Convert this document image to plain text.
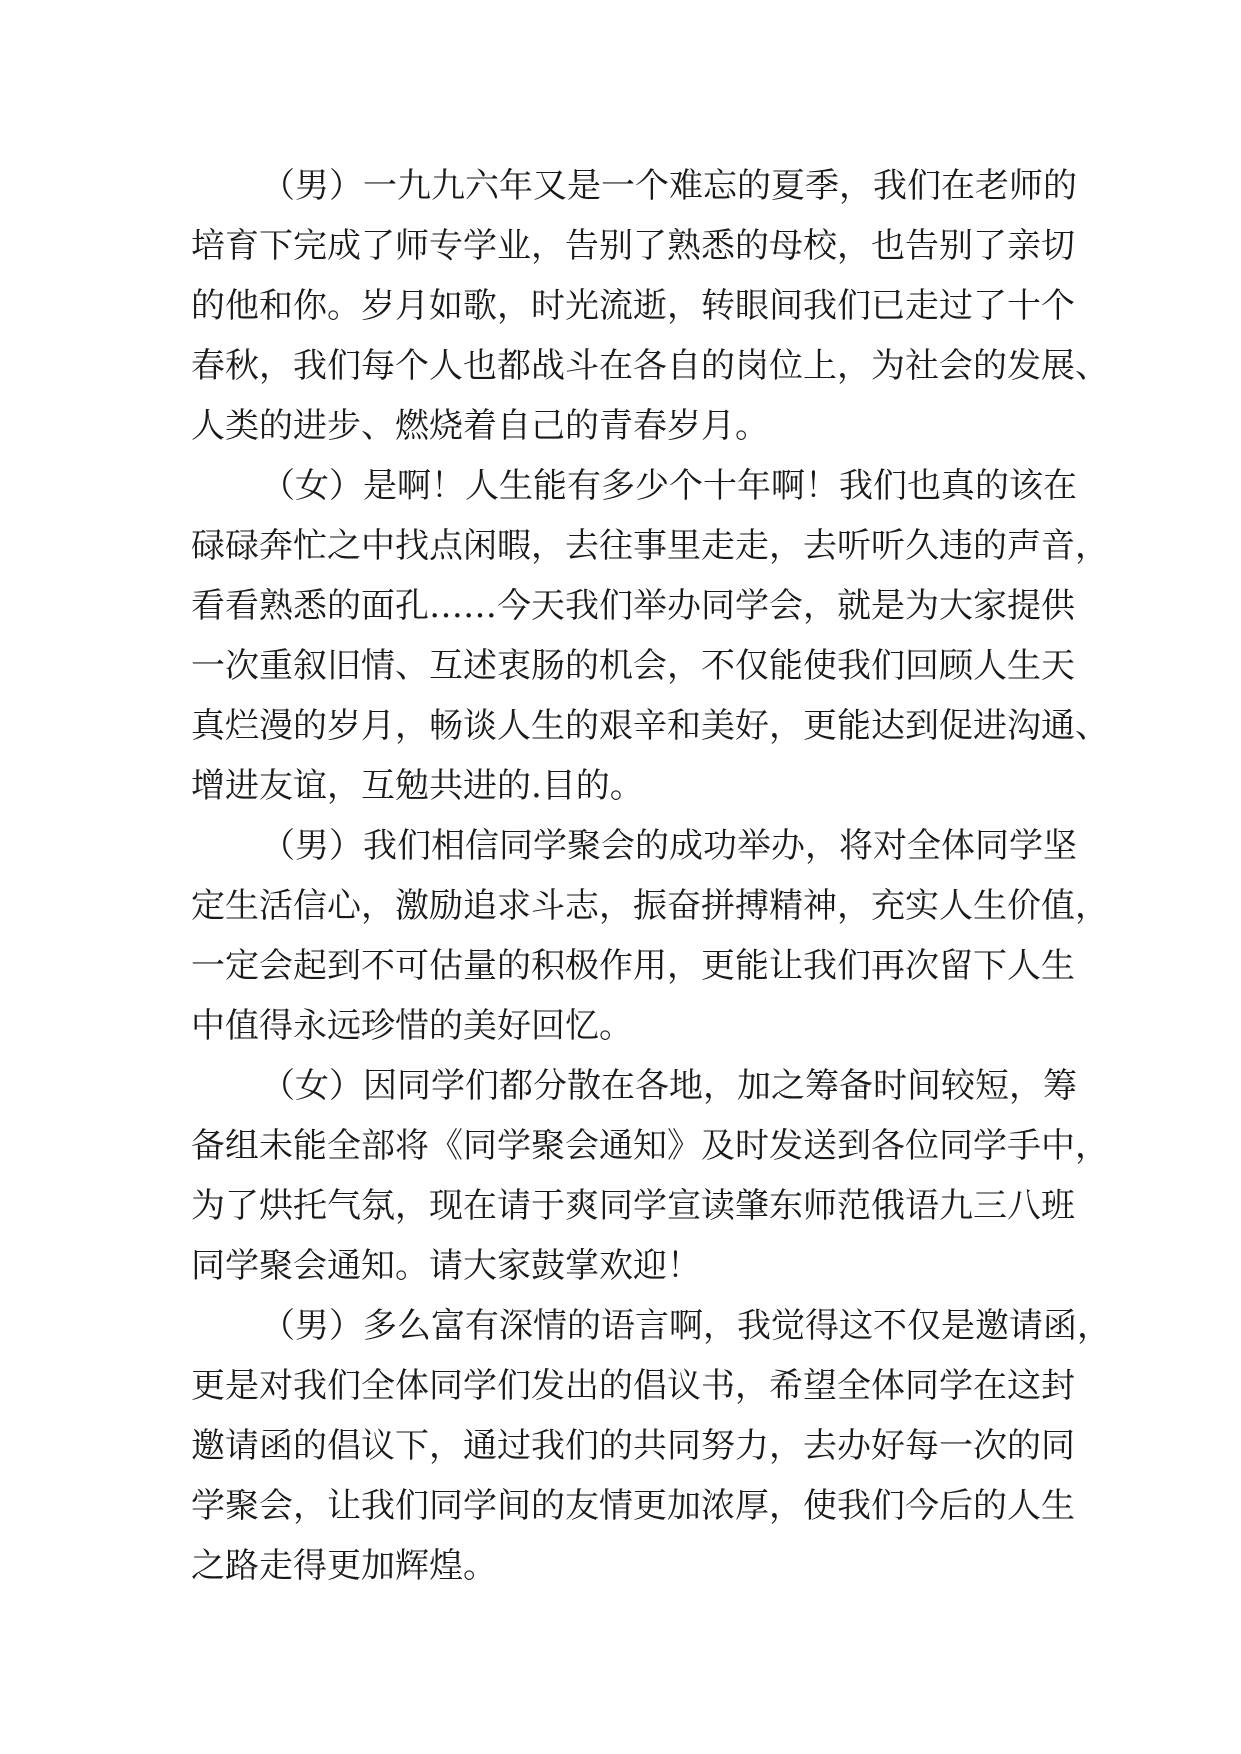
（男）一九九六年又是一个难忘的夏季，我们在老师的
培育下完成了师专学业，告别了熟悉的母校，也告别了亲切
的他和你。岁月如歌，时光流逝，转眼间我们已走过了十个
春秋，我们每个人也都战斗在各自的岗位上，为社会的发展、
人类的进步、燃烧着自己的青春岁月。
（女）是啊！人生能有多少个十年啊！我们也真的该在
碌碌奔忙之中找点闲暇，去往事里走走，去听听久违的声音，
看看熟悉的面孔……今天我们举办同学会，就是为大家提供
一次重叙旧情、互述衷肠的机会，不仅能使我们回顾人生天
真烂漫的岁月，畅谈人生的艰辛和美好，更能达到促进沟通、
增进友谊，互勉共进的.目的。
（男）我们相信同学聚会的成功举办，将对全体同学坚
定生活信心，激励追求斗志，振奋拼搏精神，充实人生价值，
一定会起到不可估量的积极作用，更能让我们再次留下人生
中值得永远珍惜的美好回忆。
（女）因同学们都分散在各地，加之筹备时间较短，筹
备组未能全部将《同学聚会通知》及时发送到各位同学手中，
为了烘托气氛，现在请于爽同学宣读肇东师范俄语九三八班
同学聚会通知。请大家鼓掌欢迎！
（男）多么富有深情的语言啊，我觉得这不仅是邀请函，
更是对我们全体同学们发出的倡议书，希望全体同学在这封
邀请函的倡议下，通过我们的共同努力，去办好每一次的同
学聚会，让我们同学间的友情更加浓厚，使我们今后的人生
之路走得更加辉煌。
